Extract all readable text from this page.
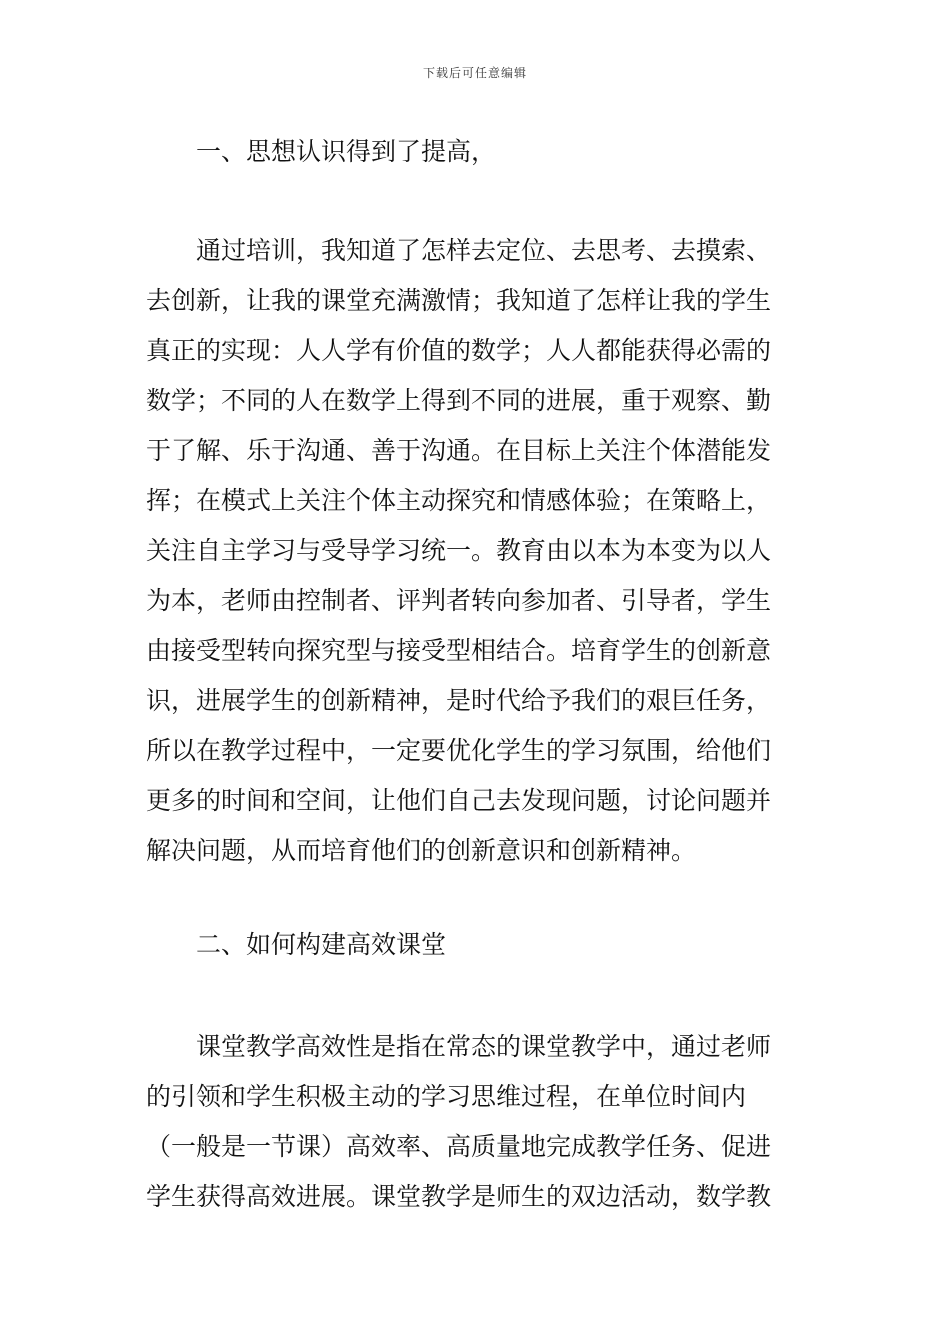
下载后可任意编辑
一、思想认识得到了提高，
通过培训，我知道了怎样去定位、去思考、去摸索、
去创新，让我的课堂充满激情；我知道了怎样让我的学生
真正的实现：人人学有价值的数学；人人都能获得必需的
数学；不同的人在数学上得到不同的进展，重于观察、勤
于了解、乐于沟通、善于沟通。在目标上关注个体潜能发
挥；在模式上关注个体主动探究和情感体验；在策略上，
关注自主学习与受导学习统一。教育由以本为本变为以人
为本，老师由控制者、评判者转向参加者、引导者，学生
由接受型转向探究型与接受型相结合。培育学生的创新意
识，进展学生的创新精神，是时代给予我们的艰巨任务，
所以在教学过程中，一定要优化学生的学习氛围，给他们
更多的时间和空间，让他们自己去发现问题，讨论问题并
解决问题，从而培育他们的创新意识和创新精神。
二、如何构建高效课堂
课堂教学高效性是指在常态的课堂教学中，通过老师
的引领和学生积极主动的学习思维过程，在单位时间内
（一般是一节课）高效率、高质量地完成教学任务、促进
学生获得高效进展。课堂教学是师生的双边活动，数学教
